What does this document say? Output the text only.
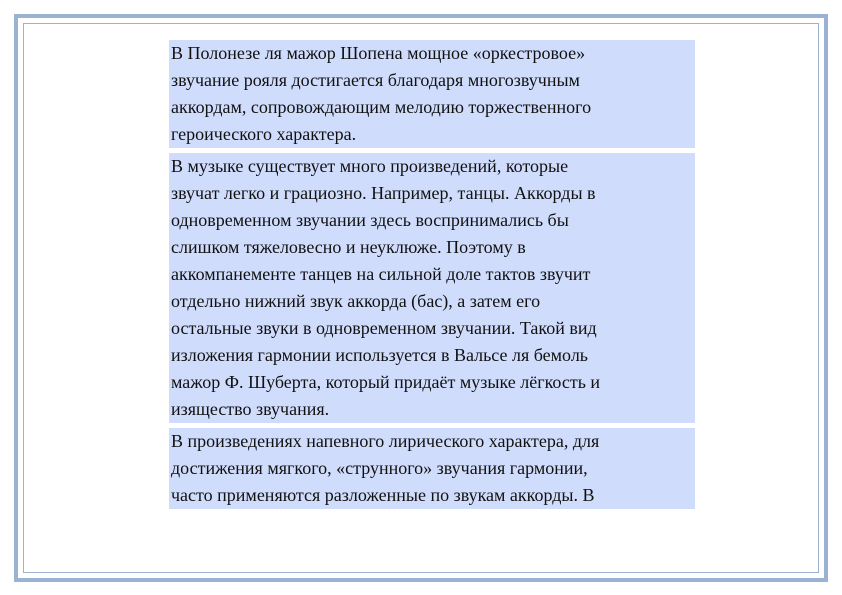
В Полонезе ля мажор Шопена мощное «оркестровое»
звучание рояля достигается благодаря многозвучным
аккордам, сопровождающим мелодию торжественного
героического характера.
В музыке существует много произведений, которые
звучат легко и грациозно. Например, танцы. Аккорды в
одновременном звучании здесь воспринимались бы
слишком тяжеловесно и неуклюже. Поэтому в
аккомпанементе танцев на сильной доле тактов звучит
отдельно нижний звук аккорда (бас), а затем его
остальные звуки в одновременном звучании. Такой вид
изложения гармонии используется в Вальсе ля бемоль
мажор Ф. Шуберта, который придаёт музыке лёгкость и
изящество звучания.
В произведениях напевного лирического характера, для
достижения мягкого, «струнного» звучания гармонии,
часто применяются разложенные по звукам аккорды. В
